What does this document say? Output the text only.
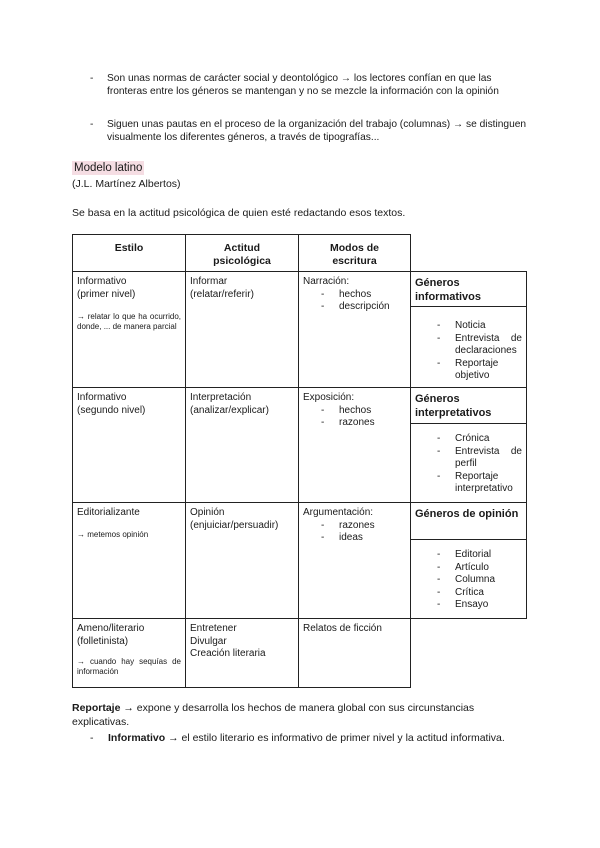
- Son unas normas de carácter social y deontológico → los lectores confían en que las fronteras entre los géneros se mantengan y no se mezcle la información con la opinión
- Siguen unas pautas en el proceso de la organización del trabajo (columnas) → se distinguen visualmente los diferentes géneros, a través de tipografías...
Modelo latino
(J.L. Martínez Albertos)
Se basa en la actitud psicológica de quien esté redactando esos textos.
Estilo	Actitud psicológica
Modos de escritura
Informativo
(primer nivel)
→ relatar lo que ha ocurrido, donde, ... de manera parcial
Informar
(relatar/referir)
Narración:
- hechos
- descripción
Géneros informativos
- Noticia
- Entrevista de declaraciones
- Reportaje objetivo
Informativo
(segundo nivel)
Interpretación
(analizar/explicar)
Exposición:
- hechos
- razones
Géneros interpretativos
- Crónica
- Entrevista de perfil
- Reportaje interpretativo
Editorializante
→ metemos opinión
Opinión
(enjuiciar/persuadir)
Argumentación:
- razones
- ideas
Géneros de opinión
- Editorial
- Artículo
- Columna
- Crítica
- Ensayo
Ameno/literario
(folletinista)
→ cuando hay sequías de información
Entretener
Divulgar
Creación literaria
Relatos de ficción
Reportaje → expone y desarrolla los hechos de manera global con sus circunstancias explicativas.
- Informativo → el estilo literario es informativo de primer nivel y la actitud informativa.
